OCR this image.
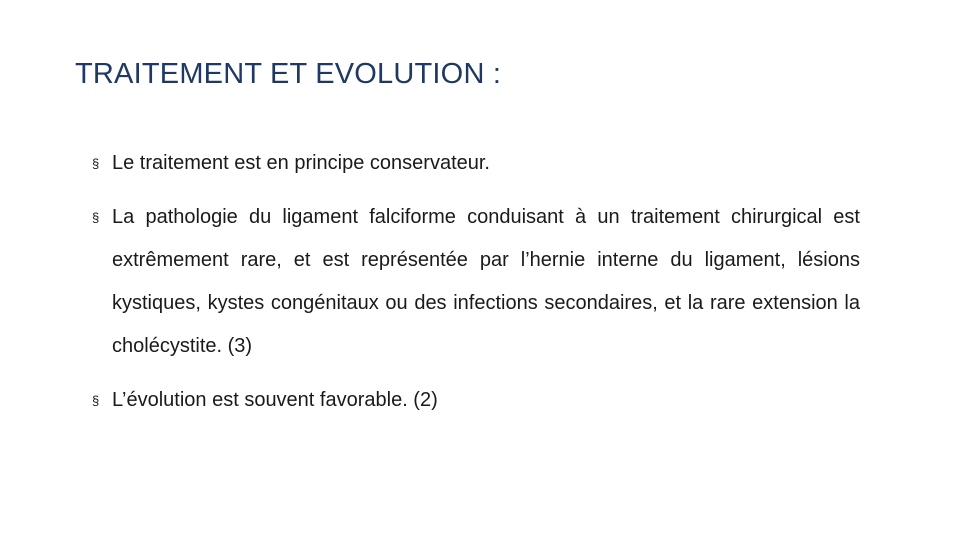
TRAITEMENT ET EVOLUTION :
§ Le traitement est en principe conservateur.
§ La pathologie du ligament falciforme conduisant à un traitement chirurgical est extrêmement rare, et est représentée par l’hernie interne du ligament, lésions kystiques, kystes congénitaux ou des infections secondaires, et la rare extension la cholécystite. (3)
§ L’évolution est souvent favorable. (2)
